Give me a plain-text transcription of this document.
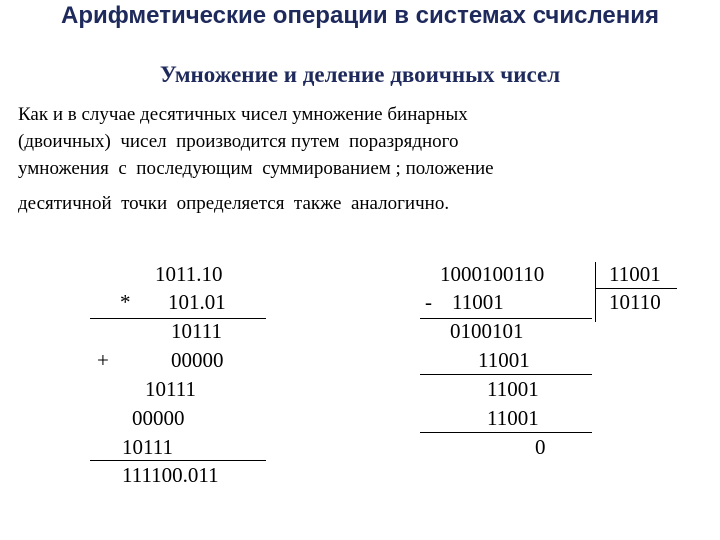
Арифметические операции в системах счисления
Умножение и деление двоичных чисел
Как и в случае десятичных чисел умножение бинарных
(двоичных)  чисел  производится путем  поразрядного
умножения  с  последующим  суммированием ; положение
десятичной  точки  определяется  также  аналогично.
1011.10
* 101.01
10111
+	00000
10111
00000
10111
111100.011
1000100110
- 11001
0100101
11001
11001
11001
0
11001
10110
